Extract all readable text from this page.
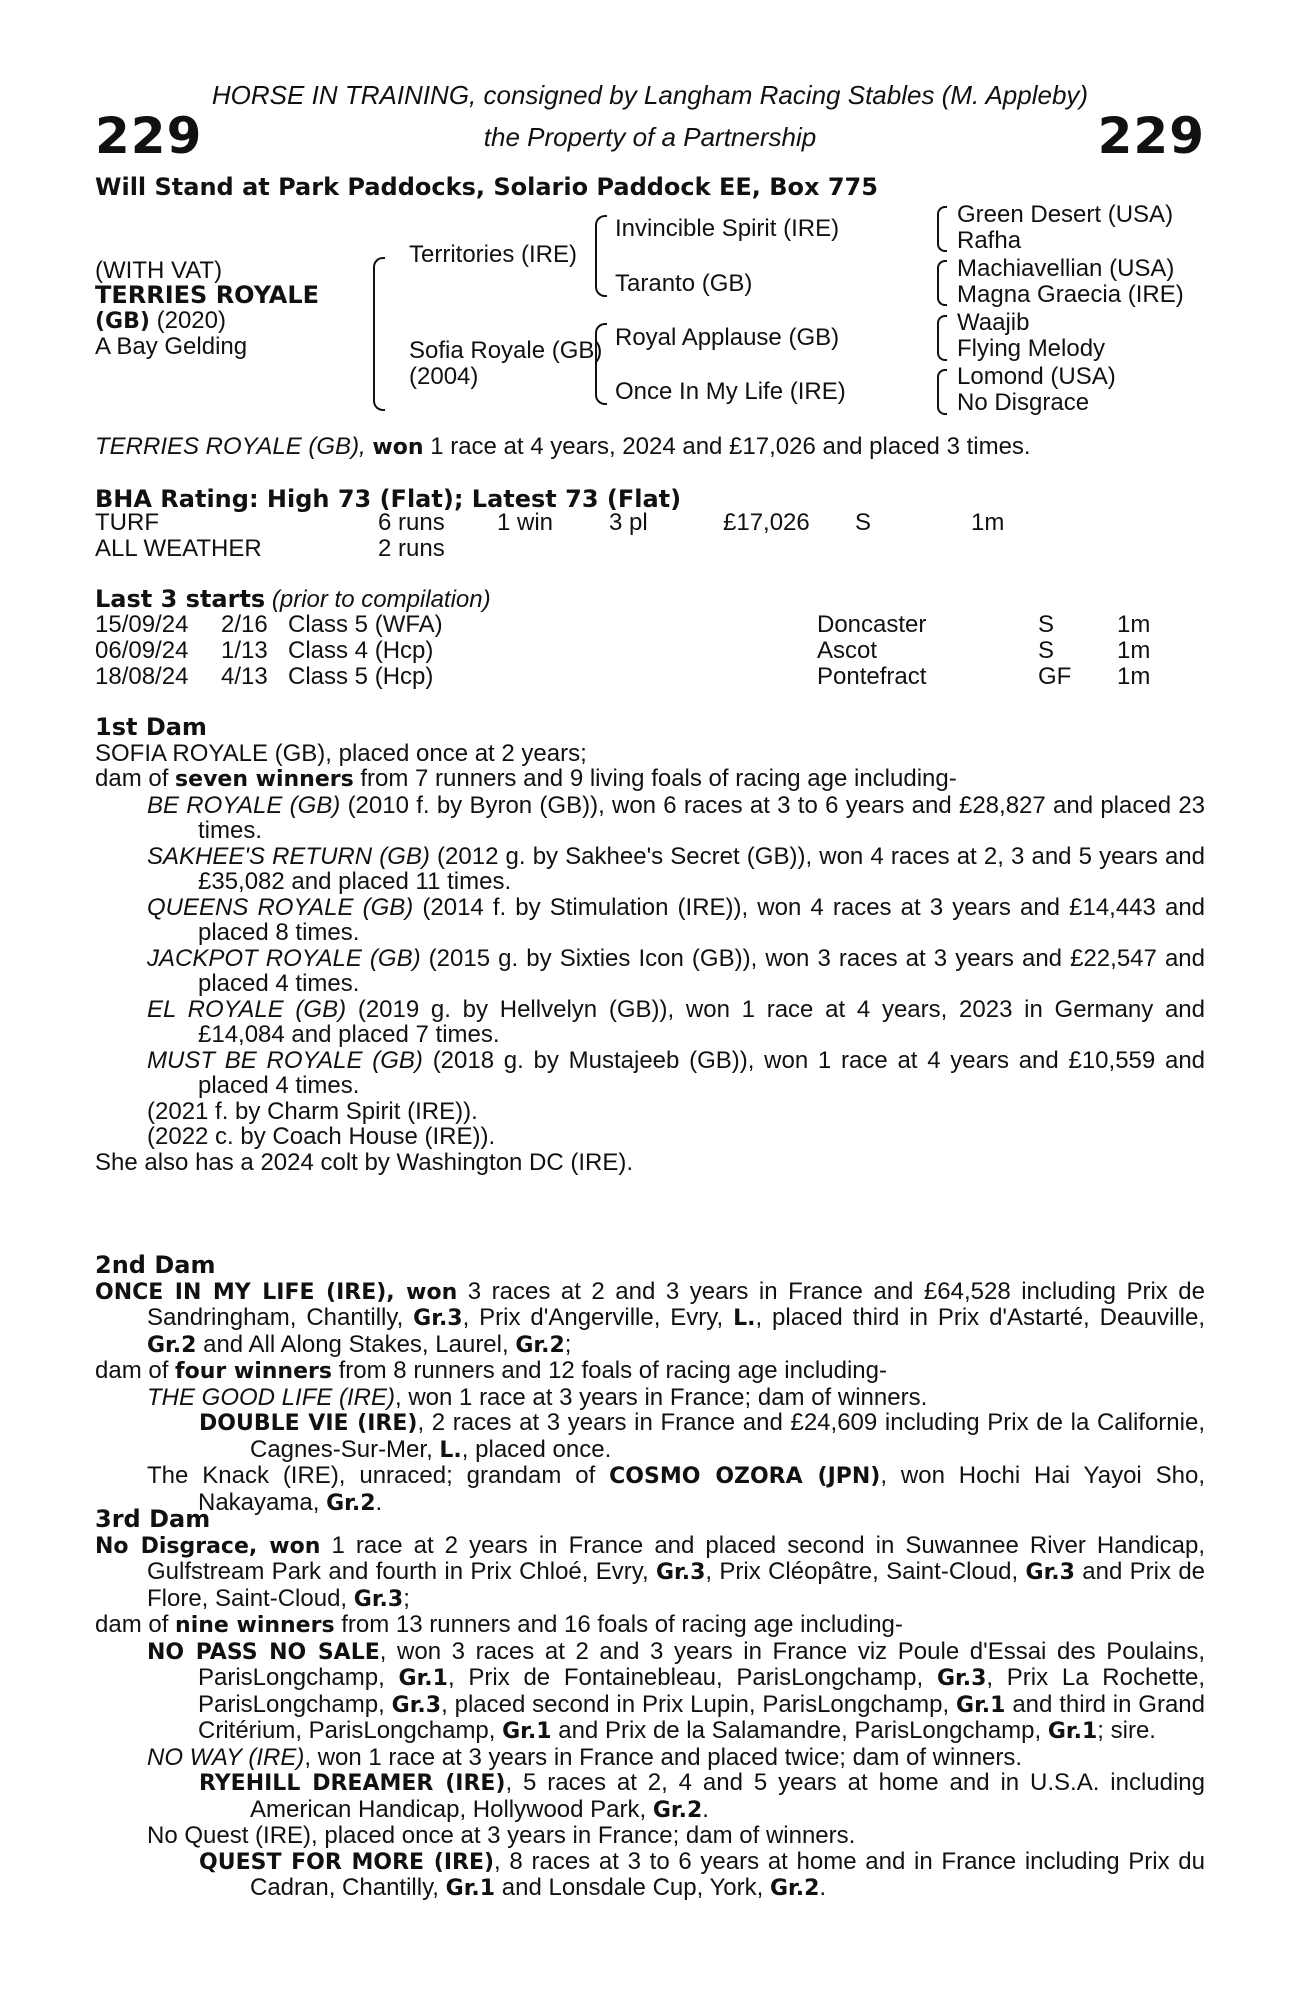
HORSE IN TRAINING, consigned by Langham Racing Stables (M. Appleby)
the Property of a Partnership
229	229
Will Stand at Park Paddocks, Solario Paddock EE, Box 775
(WITH VAT)
TERRIES ROYALE
(GB) (2020)
A Bay Gelding
Territories (IRE)
Sofia Royale (GB)
(2004)
Invincible Spirit (IRE)
Taranto (GB)
Royal Applause (GB)
Once In My Life (IRE)
Green Desert (USA)
Rafha
Machiavellian (USA)
Magna Graecia (IRE)
Waajib
Flying Melody
Lomond (USA)
No Disgrace
TERRIES ROYALE (GB), won 1 race at 4 years, 2024 and £17,026 and placed 3 times.
BHA Rating: High 73 (Flat); Latest 73 (Flat)
TURF	6 runs 1 win 3 pl	£17,026 S	1m
ALL WEATHER	2 runs
Last 3 starts (prior to compilation)
15/09/24 2/16 Class 5 (WFA)	Doncaster	S	1m
06/09/24 1/13 Class 4 (Hcp)	Ascot	S	1m
18/08/24 4/13 Class 5 (Hcp)	Pontefract	GF 1m

1st Dam

SOFIA ROYALE (GB), placed once at 2 years;

dam of seven winners from 7 runners and 9 living foals of racing age including-

BE ROYALE (GB) (2010 f. by Byron (GB)), won 6 races at 3 to 6 years and £28,827 and placed 23 times.

SAKHEE'S RETURN (GB) (2012 g. by Sakhee's Secret (GB)), won 4 races at 2, 3 and 5 years and £35,082 and placed 11 times.

QUEENS ROYALE (GB) (2014 f. by Stimulation (IRE)), won 4 races at 3 years and £14,443 and placed 8 times.

JACKPOT ROYALE (GB) (2015 g. by Sixties Icon (GB)), won 3 races at 3 years and £22,547 and placed 4 times.

EL ROYALE (GB) (2019 g. by Hellvelyn (GB)), won 1 race at 4 years, 2023 in Germany and £14,084 and placed 7 times.

MUST BE ROYALE (GB) (2018 g. by Mustajeeb (GB)), won 1 race at 4 years and £10,559 and placed 4 times.

(2021 f. by Charm Spirit (IRE)).

(2022 c. by Coach House (IRE)).

She also has a 2024 colt by Washington DC (IRE).

2nd Dam

ONCE IN MY LIFE (IRE), won 3 races at 2 and 3 years in France and £64,528 including Prix de Sandringham, Chantilly, Gr.3, Prix d'Angerville, Evry, L., placed third in Prix d'Astarté, Deauville, Gr.2 and All Along Stakes, Laurel, Gr.2;

dam of four winners from 8 runners and 12 foals of racing age including-

THE GOOD LIFE (IRE), won 1 race at 3 years in France; dam of winners.

DOUBLE VIE (IRE), 2 races at 3 years in France and £24,609 including Prix de la Californie, Cagnes-Sur-Mer, L., placed once.

The Knack (IRE), unraced; grandam of COSMO OZORA (JPN), won Hochi Hai Yayoi Sho, Nakayama, Gr.2.

3rd Dam

No Disgrace, won 1 race at 2 years in France and placed second in Suwannee River Handicap, Gulfstream Park and fourth in Prix Chloé, Evry, Gr.3, Prix Cléopâtre, Saint-Cloud, Gr.3 and Prix de Flore, Saint-Cloud, Gr.3;

dam of nine winners from 13 runners and 16 foals of racing age including-

NO PASS NO SALE, won 3 races at 2 and 3 years in France viz Poule d'Essai des Poulains, ParisLongchamp, Gr.1, Prix de Fontainebleau, ParisLongchamp, Gr.3, Prix La Rochette, ParisLongchamp, Gr.3, placed second in Prix Lupin, ParisLongchamp, Gr.1 and third in Grand Critérium, ParisLongchamp, Gr.1 and Prix de la Salamandre, ParisLongchamp, Gr.1; sire.

NO WAY (IRE), won 1 race at 3 years in France and placed twice; dam of winners.

RYEHILL DREAMER (IRE), 5 races at 2, 4 and 5 years at home and in U.S.A. including American Handicap, Hollywood Park, Gr.2.

No Quest (IRE), placed once at 3 years in France; dam of winners.

QUEST FOR MORE (IRE), 8 races at 3 to 6 years at home and in France including Prix du Cadran, Chantilly, Gr.1 and Lonsdale Cup, York, Gr.2.
